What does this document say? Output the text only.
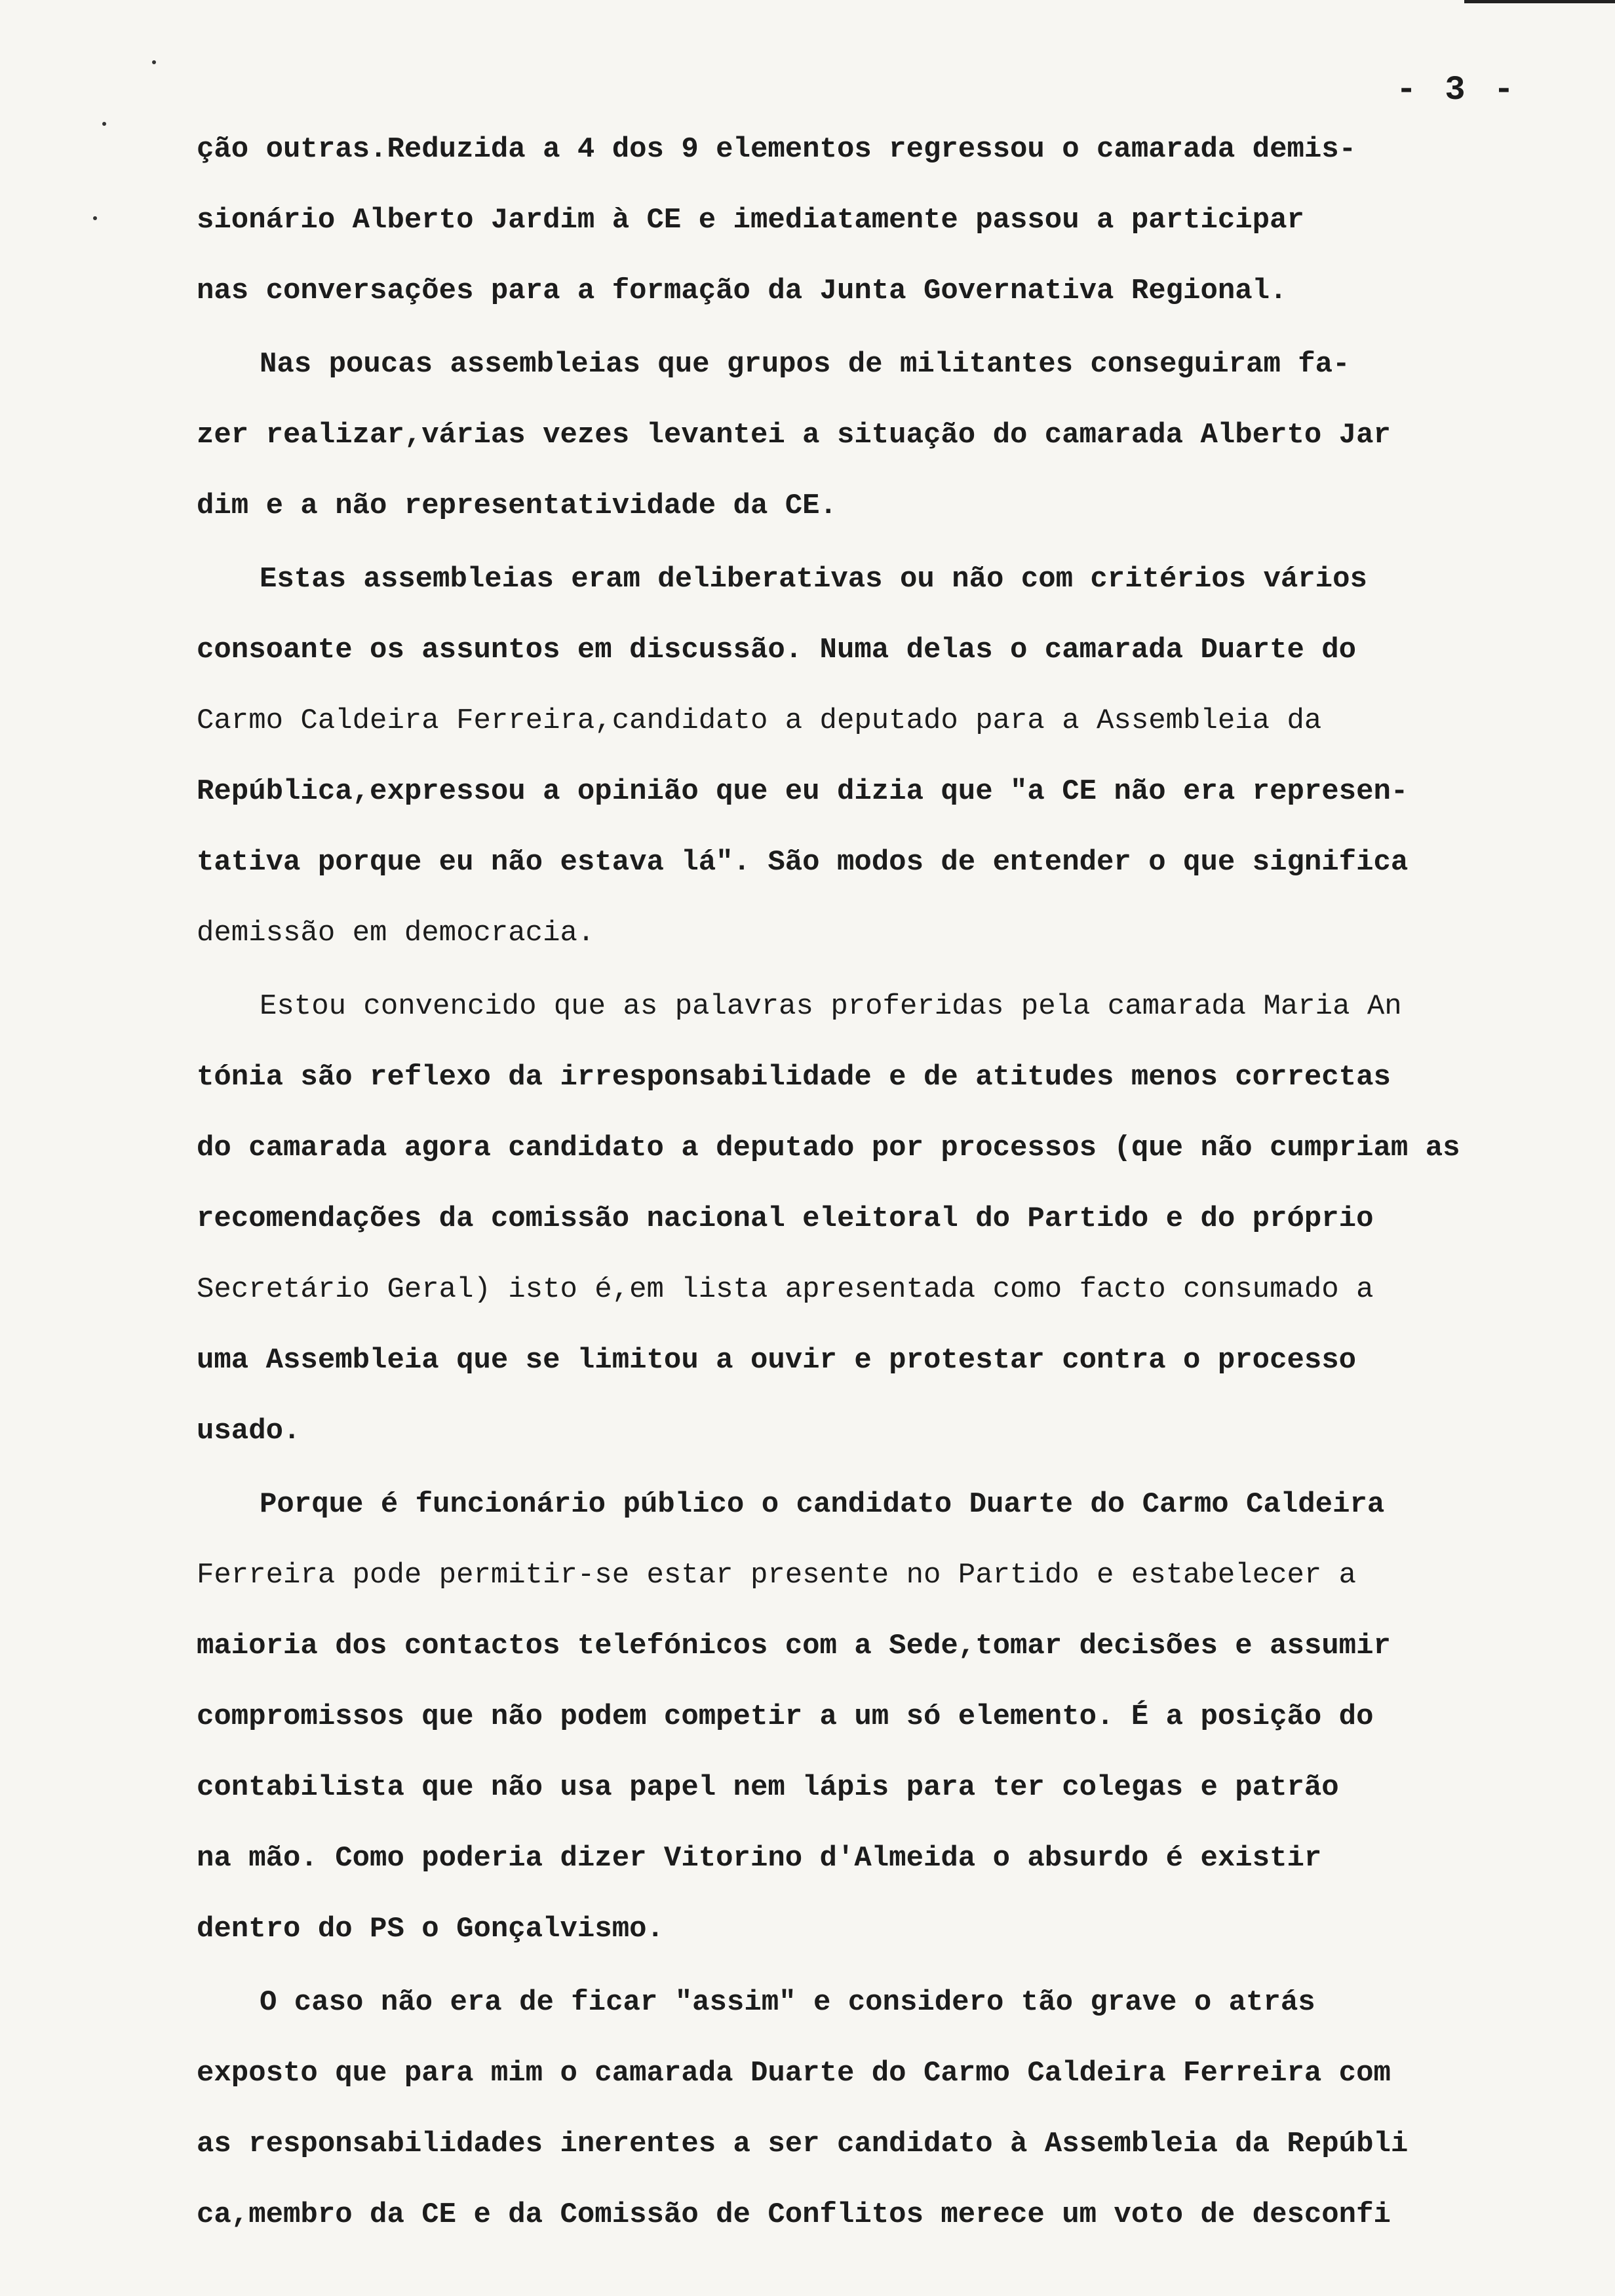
- 3 -
ção outras.Reduzida a 4 dos 9 elementos regressou o camarada demis-
sionário Alberto Jardim à CE e imediatamente passou a participar
nas conversações para a formação da Junta Governativa Regional.
Nas poucas assembleias que grupos de militantes conseguiram fa-
zer realizar,várias vezes levantei a situação do camarada Alberto Jar
dim e a não representatividade da CE.
Estas assembleias eram deliberativas ou não com critérios vários
consoante os assuntos em discussão. Numa delas o camarada Duarte do
Carmo Caldeira Ferreira,candidato a deputado para a Assembleia da
República,expressou a opinião que eu dizia que "a CE não era represen-
tativa porque eu não estava lá". São modos de entender o que significa
demissão em democracia.
Estou convencido que as palavras proferidas pela camarada Maria An
tónia são reflexo da irresponsabilidade e de atitudes menos correctas
do camarada agora candidato a deputado por processos (que não cumpriam as
recomendações da comissão nacional eleitoral do Partido e do próprio
Secretário Geral) isto é,em lista apresentada como facto consumado a
uma Assembleia que se limitou a ouvir e protestar contra o processo
usado.
Porque é funcionário público o candidato Duarte do Carmo Caldeira
Ferreira pode permitir-se estar presente no Partido e estabelecer a
maioria dos contactos telefónicos com a Sede,tomar decisões e assumir
compromissos que não podem competir a um só elemento. É a posição do
contabilista que não usa papel nem lápis para ter colegas e patrão
na mão. Como poderia dizer Vitorino d'Almeida o absurdo é existir
dentro do PS o Gonçalvismo.
O caso não era de ficar "assim" e considero tão grave o atrás
exposto que para mim o camarada Duarte do Carmo Caldeira Ferreira com
as responsabilidades inerentes a ser candidato à Assembleia da Repúbli
ca,membro da CE e da Comissão de Conflitos merece um voto de desconfi
